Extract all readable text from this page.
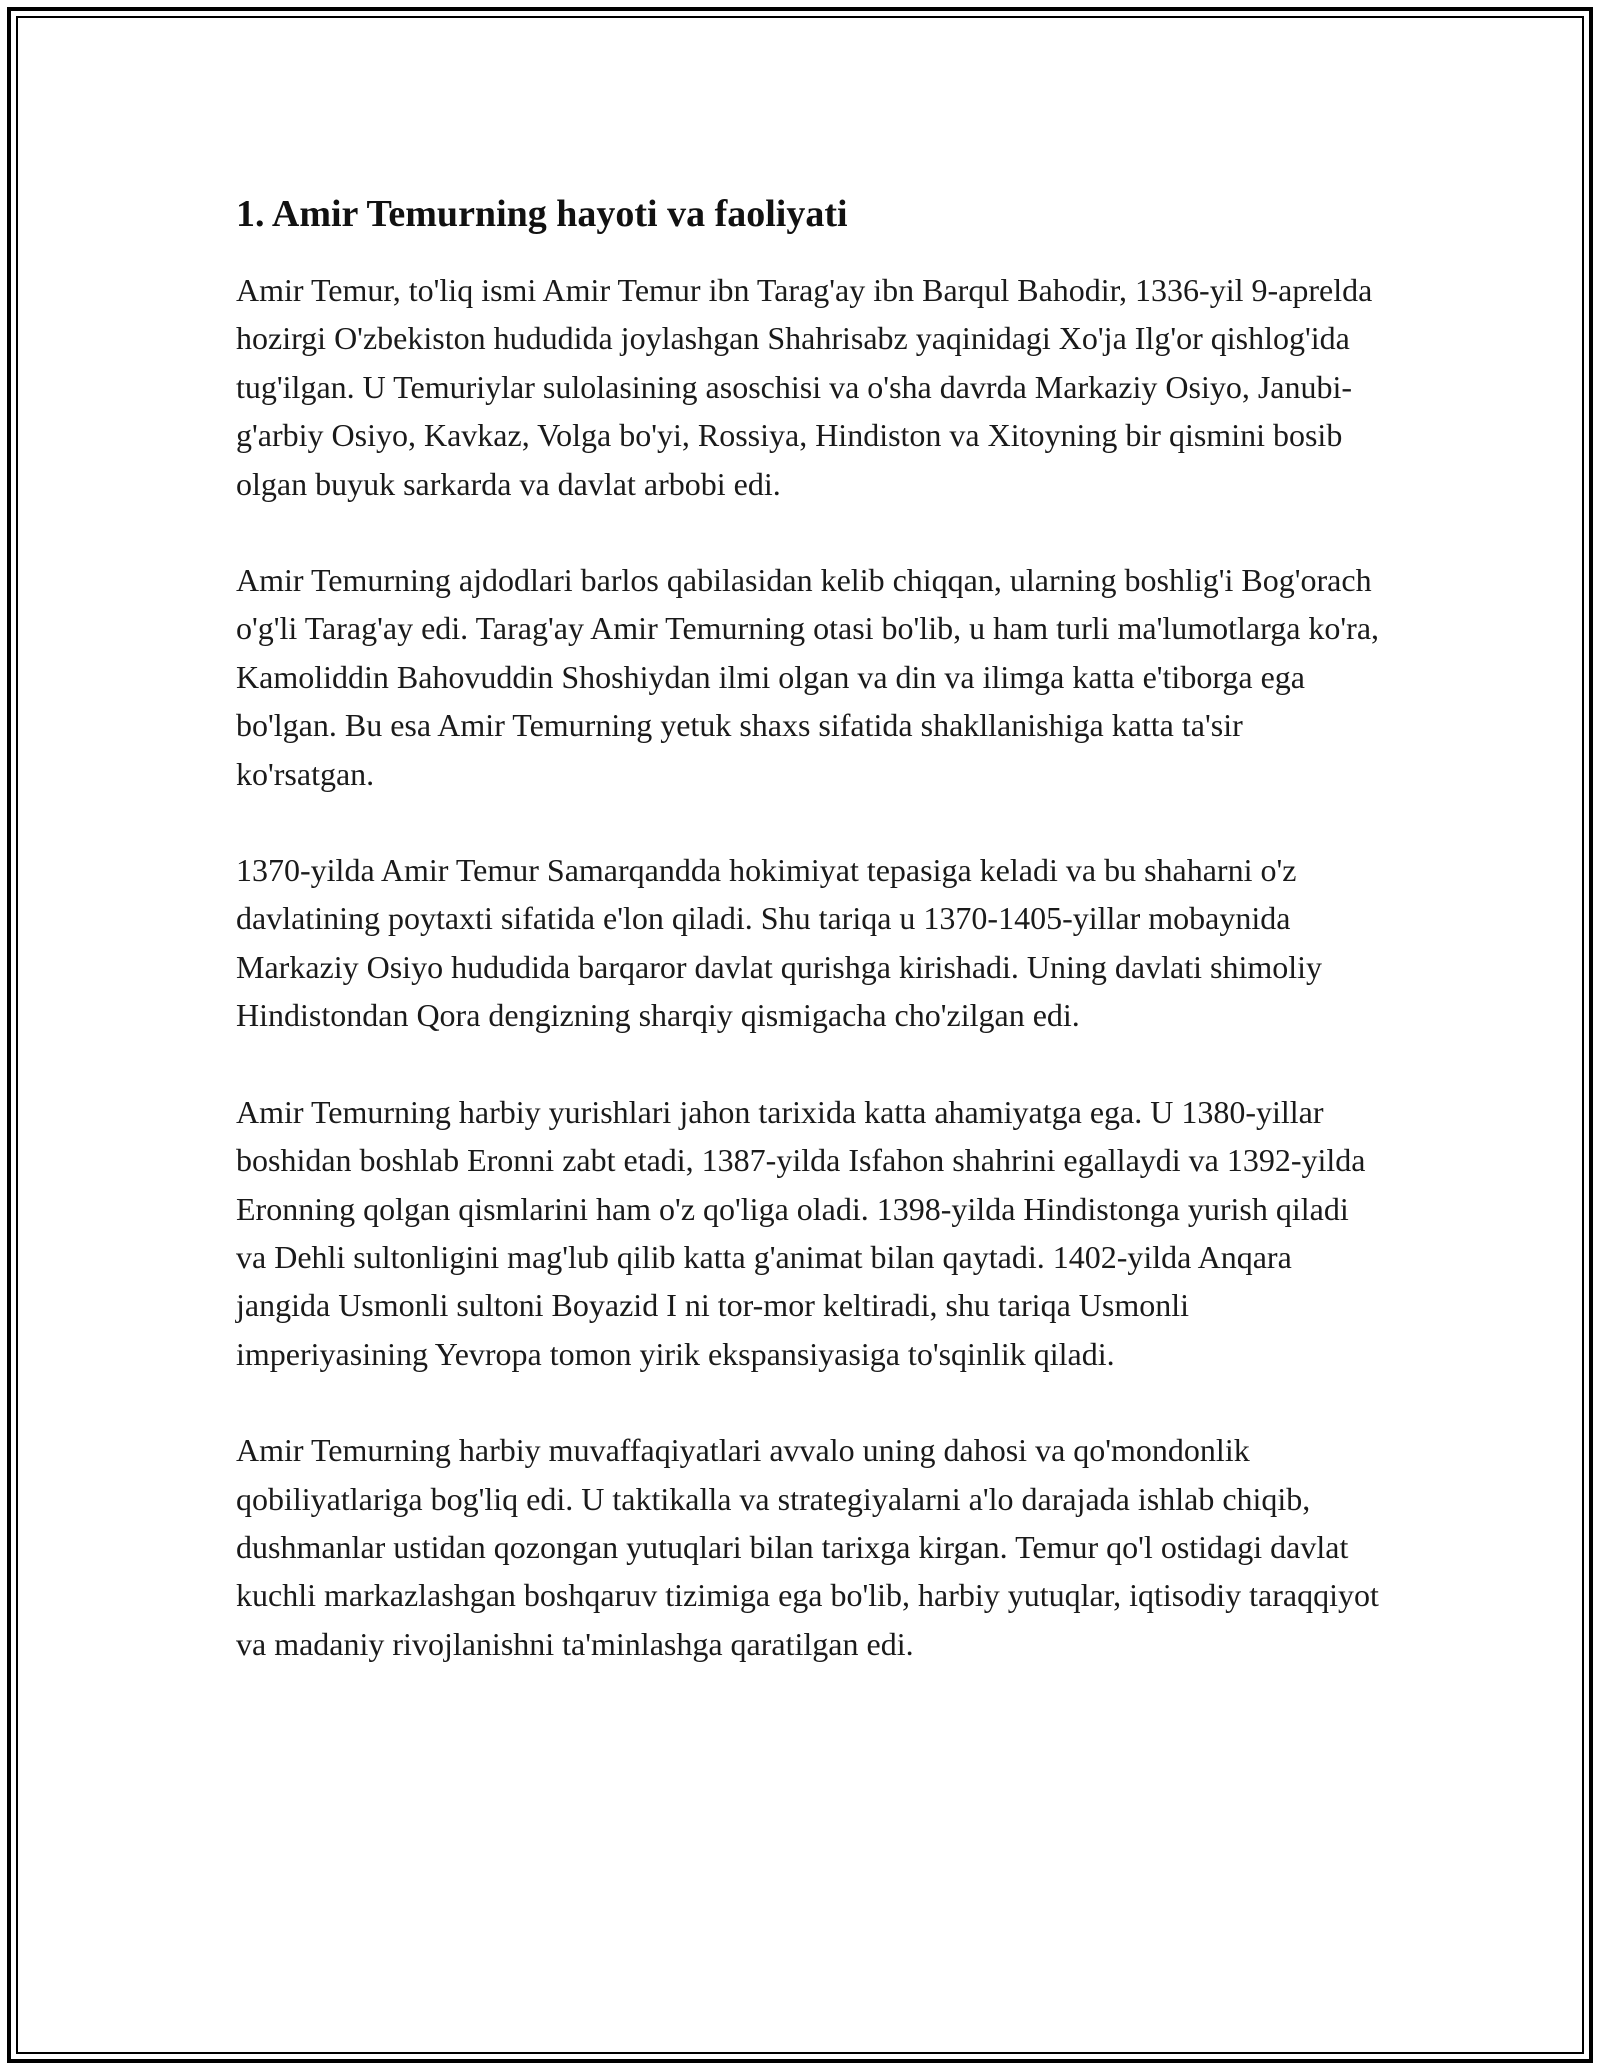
1. Amir Temurning hayoti va faoliyati

Amir Temur, to'liq ismi Amir Temur ibn Tarag'ay ibn Barqul Bahodir, 1336-yil 9-aprelda hozirgi O'zbekiston hududida joylashgan Shahrisabz yaqinidagi Xo'ja Ilg'or qishlog'ida tug'ilgan. U Temuriylar sulolasining asoschisi va o'sha davrda Markaziy Osiyo, Janubi-g'arbiy Osiyo, Kavkaz, Volga bo'yi, Rossiya, Hindiston va Xitoyning bir qismini bosib olgan buyuk sarkarda va davlat arbobi edi.

Amir Temurning ajdodlari barlos qabilasidan kelib chiqqan, ularning boshlig'i Bog'orach o'g'li Tarag'ay edi. Tarag'ay Amir Temurning otasi bo'lib, u ham turli ma'lumotlarga ko'ra, Kamoliddin Bahovuddin Shoshiydan ilmi olgan va din va ilimga katta e'tiborga ega bo'lgan. Bu esa Amir Temurning yetuk shaxs sifatida shakllanishiga katta ta'sir ko'rsatgan.

1370-yilda Amir Temur Samarqandda hokimiyat tepasiga keladi va bu shaharni o'z davlatining poytaxti sifatida e'lon qiladi. Shu tariqa u 1370-1405-yillar mobaynida Markaziy Osiyo hududida barqaror davlat qurishga kirishadi. Uning davlati shimoliy Hindistondan Qora dengizning sharqiy qismigacha cho'zilgan edi.

Amir Temurning harbiy yurishlari jahon tarixida katta ahamiyatga ega. U 1380-yillar boshidan boshlab Eronni zabt etadi, 1387-yilda Isfahon shahrini egallaydi va 1392-yilda Eronning qolgan qismlarini ham o'z qo'liga oladi. 1398-yilda Hindistonga yurish qiladi va Dehli sultonligini mag'lub qilib katta g'animat bilan qaytadi. 1402-yilda Anqara jangida Usmonli sultoni Boyazid I ni tor-mor keltiradi, shu tariqa Usmonli imperiyasining Yevropa tomon yirik ekspansiyasiga to'sqinlik qiladi.

Amir Temurning harbiy muvaffaqiyatlari avvalo uning dahosi va qo'mondonlik qobiliyatlariga bog'liq edi. U taktikalla va strategiyalarni a'lo darajada ishlab chiqib, dushmanlar ustidan qozongan yutuqlari bilan tarixga kirgan. Temur qo'l ostidagi davlat kuchli markazlashgan boshqaruv tizimiga ega bo'lib, harbiy yutuqlar, iqtisodiy taraqqiyot va madaniy rivojlanishni ta'minlashga qaratilgan edi.
